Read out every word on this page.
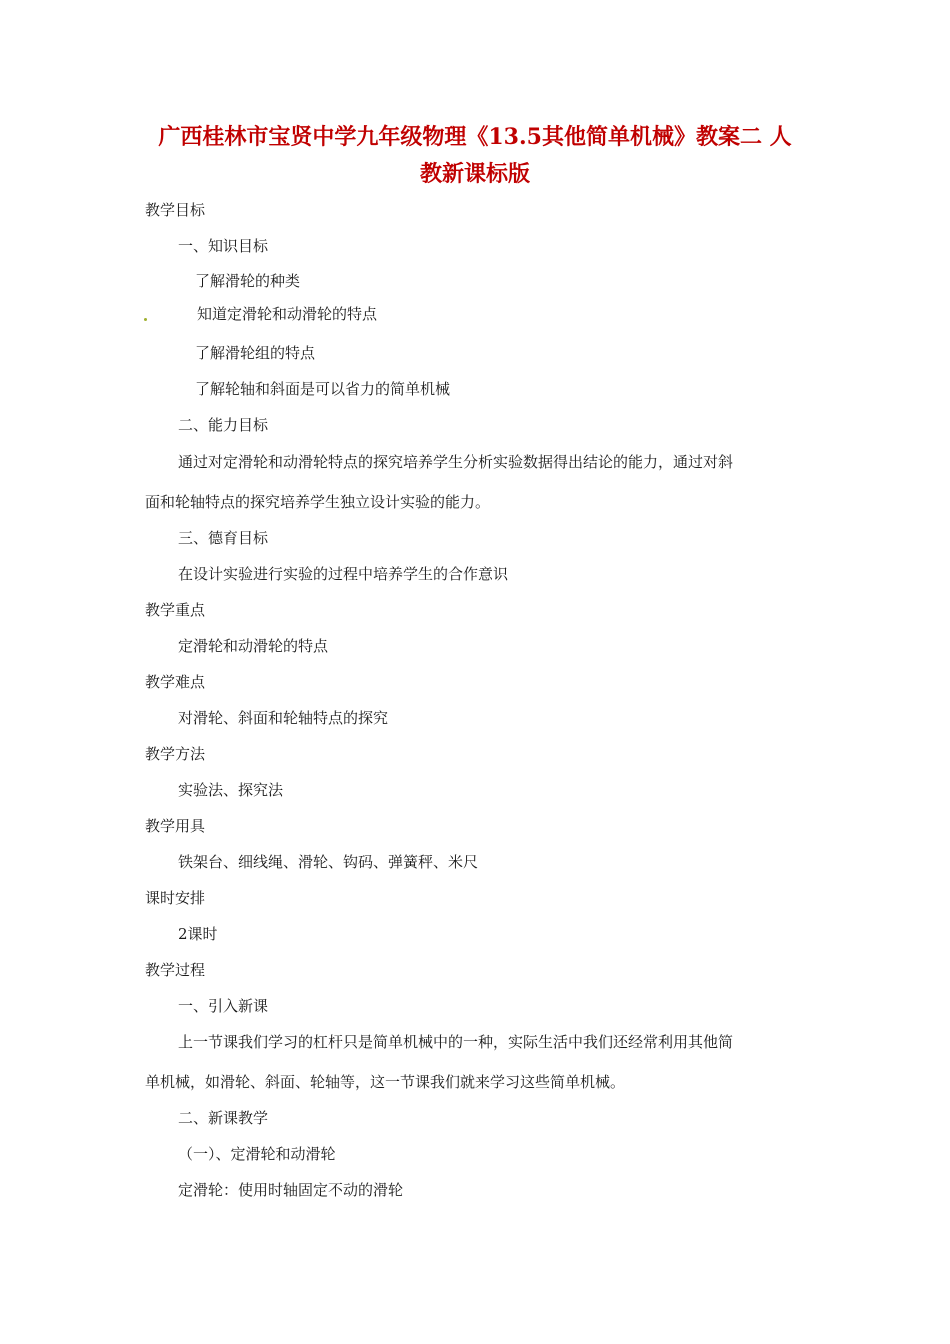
广西桂林市宝贤中学九年级物理《13.5其他简单机械》教案二 人
教新课标版

教学目标

一、知识目标

了解滑轮的种类

知道定滑轮和动滑轮的特点

了解滑轮组的特点

了解轮轴和斜面是可以省力的简单机械

二、能力目标

通过对定滑轮和动滑轮特点的探究培养学生分析实验数据得出结论的能力，通过对斜

面和轮轴特点的探究培养学生独立设计实验的能力。

三、德育目标

在设计实验进行实验的过程中培养学生的合作意识

教学重点

定滑轮和动滑轮的特点

教学难点

对滑轮、斜面和轮轴特点的探究

教学方法

实验法、探究法

教学用具

铁架台、细线绳、滑轮、钩码、弹簧秤、米尺

课时安排

2课时

教学过程

一、引入新课

上一节课我们学习的杠杆只是简单机械中的一种，实际生活中我们还经常利用其他简

单机械，如滑轮、斜面、轮轴等，这一节课我们就来学习这些简单机械。

二、新课教学

（一）、定滑轮和动滑轮

定滑轮：使用时轴固定不动的滑轮
